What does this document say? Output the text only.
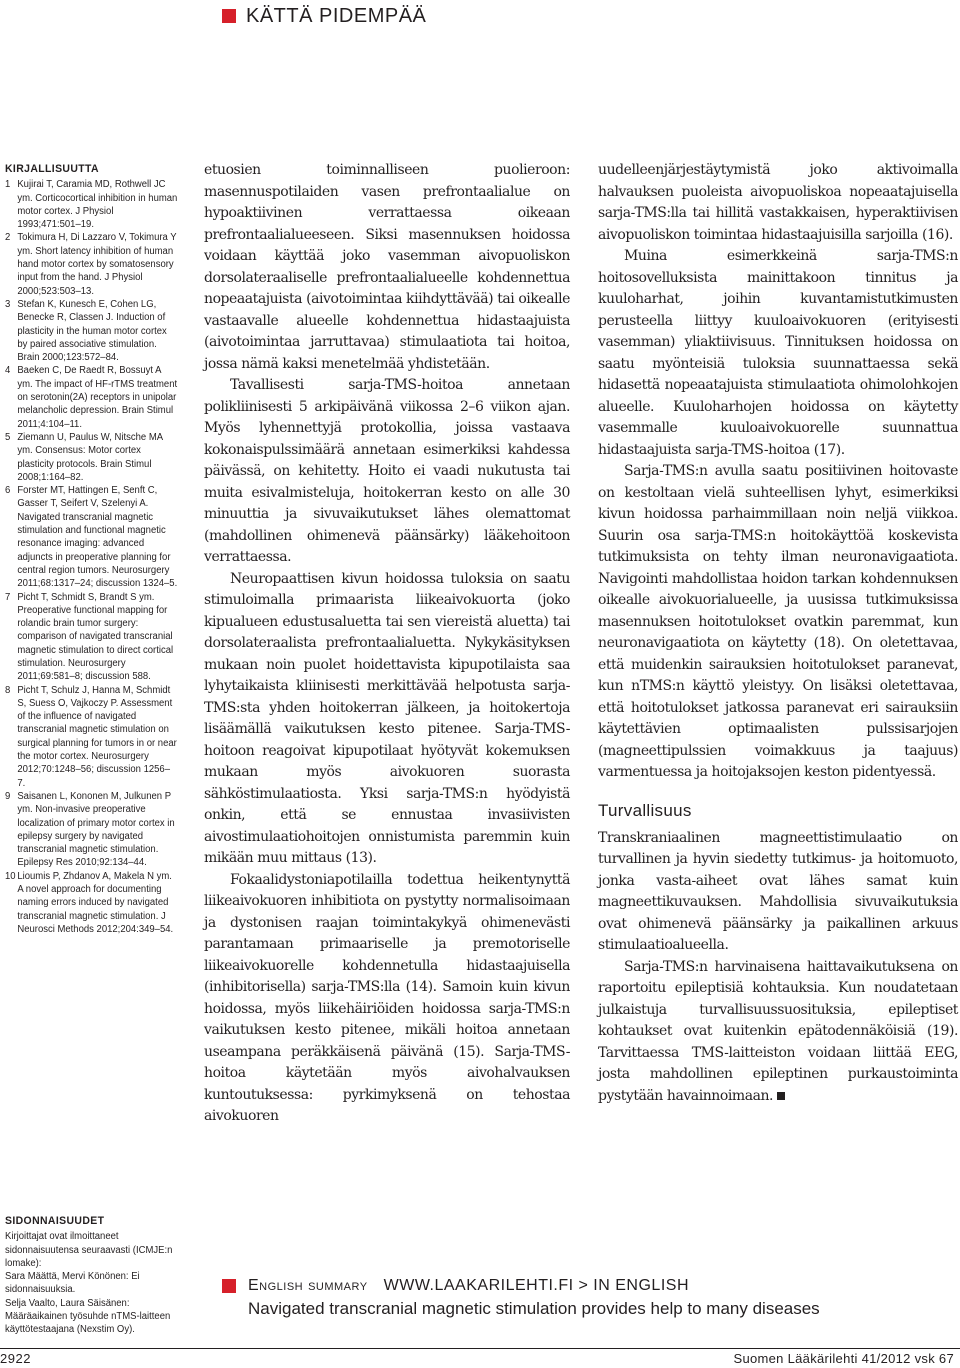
KÄTTÄ PIDEMPÄÄ
KIRJALLISUUTTA
1 Kujirai T, Caramia MD, Rothwell JC ym. Corticocortical inhibition in human motor cortex. J Physiol 1993;471:501–19.
2 Tokimura H, Di Lazzaro V, Tokimura Y ym. Short latency inhibition of human hand motor cortex by somatosensory input from the hand. J Physiol 2000;523:503–13.
3 Stefan K, Kunesch E, Cohen LG, Benecke R, Classen J. Induction of plasticity in the human motor cortex by paired associative stimulation. Brain 2000;123:572–84.
4 Baeken C, De Raedt R, Bossuyt A ym. The impact of HF-rTMS treatment on serotonin(2A) receptors in unipolar melancholic depression. Brain Stimul 2011;4:104–11.
5 Ziemann U, Paulus W, Nitsche MA ym. Consensus: Motor cortex plasticity protocols. Brain Stimul 2008;1:164–82.
6 Forster MT, Hattingen E, Senft C, Gasser T, Seifert V, Szelenyi A. Navigated transcranial magnetic stimulation and functional magnetic resonance imaging: advanced adjuncts in preoperative planning for central region tumors. Neurosurgery 2011;68:1317–24; discussion 1324–5.
7 Picht T, Schmidt S, Brandt S ym. Preoperative functional mapping for rolandic brain tumor surgery: comparison of navigated transcranial magnetic stimulation to direct cortical stimulation. Neurosurgery 2011;69:581–8; discussion 588.
8 Picht T, Schulz J, Hanna M, Schmidt S, Suess O, Vajkoczy P. Assessment of the influence of navigated transcranial magnetic stimulation on surgical planning for tumors in or near the motor cortex. Neurosurgery 2012;70:1248–56; discussion 1256–7.
9 Saisanen L, Kononen M, Julkunen P ym. Non-invasive preoperative localization of primary motor cortex in epilepsy surgery by navigated transcranial magnetic stimulation. Epilepsy Res 2010;92:134–44.
10 Lioumis P, Zhdanov A, Makela N ym. A novel approach for documenting naming errors induced by navigated transcranial magnetic stimulation. J Neurosci Methods 2012;204:349–54.
SIDONNAISUUDET

Kirjoittajat ovat ilmoittaneet sidonnaisuutensa seuraavasti (ICMJE:n lomake):

Sara Määttä, Mervi Könönen: Ei sidonnaisuuksia.

Selja Vaalto, Laura Säisänen: Määräaikainen työsuhde nTMS-laitteen käyttötestaajana (Nexstim Oy).

etuosien toiminnalliseen puolieroon: masennuspotilaiden vasen prefrontaalialue on hypoaktiivinen verrattaessa oikeaan prefrontaalialueeseen. Siksi masennuksen hoidossa voidaan käyttää joko vasemman aivopuoliskon dorsolateraaliselle prefrontaalialueelle kohdennettua nopeaatajuista (aivotoimintaa kiihdyttävää) tai oikealle vastaavalle alueelle kohdennettua hidastaajuista (aivotoimintaa jarruttavaa) stimulaatiota tai hoitoa, jossa nämä kaksi menetelmää yhdistetään.

Tavallisesti sarja-TMS-hoitoa annetaan polikliinisesti 5 arkipäivänä viikossa 2–6 viikon ajan. Myös lyhennettyjä protokollia, joissa vastaava kokonaispulssimäärä annetaan esimerkiksi kahdessa päivässä, on kehitetty. Hoito ei vaadi nukutusta tai muita esivalmisteluja, hoitokerran kesto on alle 30 minuuttia ja sivuvaikutukset lähes olemattomat (mahdollinen ohimenevä päänsärky) lääkehoitoon verrattaessa.

Neuropaattisen kivun hoidossa tuloksia on saatu stimuloimalla primaarista liikeaivokuorta (joko kipualueen edustusaluetta tai sen viereistä aluetta) tai dorsolateraalista prefrontaalialuetta. Nykykäsityksen mukaan noin puolet hoidettavista kipupotilaista saa lyhytaikaista kliinisesti merkittävää helpotusta sarja-TMS:sta yhden hoitokerran jälkeen, ja hoitokertoja lisäämällä vaikutuksen kesto pitenee. Sarja-TMS-hoitoon reagoivat kipupotilaat hyötyvät kokemuksen mukaan myös aivokuoren suorasta sähköstimulaatiosta. Yksi sarja-TMS:n hyödyistä onkin, että se ennustaa invasiivisten aivostimulaatiohoitojen onnistumista paremmin kuin mikään muu mittaus (13).

Fokaalidystoniapotilailla todettua heikentynyttä liikeaivokuoren inhibitiota on pystytty normalisoimaan ja dystonisen raajan toimintakykyä ohimenevästi parantamaan primaariselle ja premotoriselle liikeaivokuorelle kohdennetulla hidastaajuisella (inhibitorisella) sarja-TMS:lla (14). Samoin kuin kivun hoidossa, myös liikehäiriöiden hoidossa sarja-TMS:n vaikutuksen kesto pitenee, mikäli hoitoa annetaan useampana peräkkäisenä päivänä (15). Sarja-TMS-hoitoa käytetään myös aivohalvauksen kuntoutuksessa: pyrkimyksenä on tehostaa aivokuoren

uudelleenjärjestäytymistä joko aktivoimalla halvauksen puoleista aivopuoliskoa nopeaatajuisella sarja-TMS:lla tai hillitä vastakkaisen, hyperaktiivisen aivopuoliskon toimintaa hidastaajuisilla sarjoilla (16).

Muina esimerkkeinä sarja-TMS:n hoitosovelluksista mainittakoon tinnitus ja kuuloharhat, joihin kuvantamistutkimusten perusteella liittyy kuuloaivokuoren (erityisesti vasemman) yliaktiivisuus. Tinnituksen hoidossa on saatu myönteisiä tuloksia suunnattaessa sekä hidasettä nopeaatajuista stimulaatiota ohimolohkojen alueelle. Kuuloharhojen hoidossa on käytetty vasemmalle kuuloaivokuorelle suunnattua hidastaajuista sarja-TMS-hoitoa (17).

Sarja-TMS:n avulla saatu positiivinen hoitovaste on kestoltaan vielä suhteellisen lyhyt, esimerkiksi kivun hoidossa parhaimmillaan noin neljä viikkoa. Suurin osa sarja-TMS:n hoitokäyttöä koskevista tutkimuksista on tehty ilman neuronavigaatiota. Navigointi mahdollistaa hoidon tarkan kohdennuksen oikealle aivokuorialueelle, ja uusissa tutkimuksissa masennuksen hoitotulokset ovatkin paremmat, kun neuronavigaatiota on käytetty (18). On oletettavaa, että muidenkin sairauksien hoitotulokset paranevat, kun nTMS:n käyttö yleistyy. On lisäksi oletettavaa, että hoitotulokset jatkossa paranevat eri sairauksiin käytettävien optimaalisten pulssisarjojen (magneettipulssien voimakkuus ja taajuus) varmentuessa ja hoitojaksojen keston pidentyessä.

Turvallisuus

Transkraniaalinen magneettistimulaatio on turvallinen ja hyvin siedetty tutkimus- ja hoitomuoto, jonka vasta-aiheet ovat lähes samat kuin magneettikuvauksen. Mahdollisia sivuvaikutuksia ovat ohimenevä päänsärky ja paikallinen arkuus stimulaatioalueella.

Sarja-TMS:n harvinaisena haittavaikutuksena on raportoitu epileptisiä kohtauksia. Kun noudatetaan julkaistuja turvallisuussuosituksia, epileptiset kohtaukset ovat kuitenkin epätodennäköisiä (19). Tarvittaessa TMS-laitteiston voidaan liittää EEG, josta mahdollinen epileptinen purkaustoiminta pystytään havainnoimaan.

English summary WWW.LAAKARILEHTI.FI > IN ENGLISH
Navigated transcranial magnetic stimulation provides help to many diseases
2922	Suomen Lääkärilehti 41/2012 vsk 67
